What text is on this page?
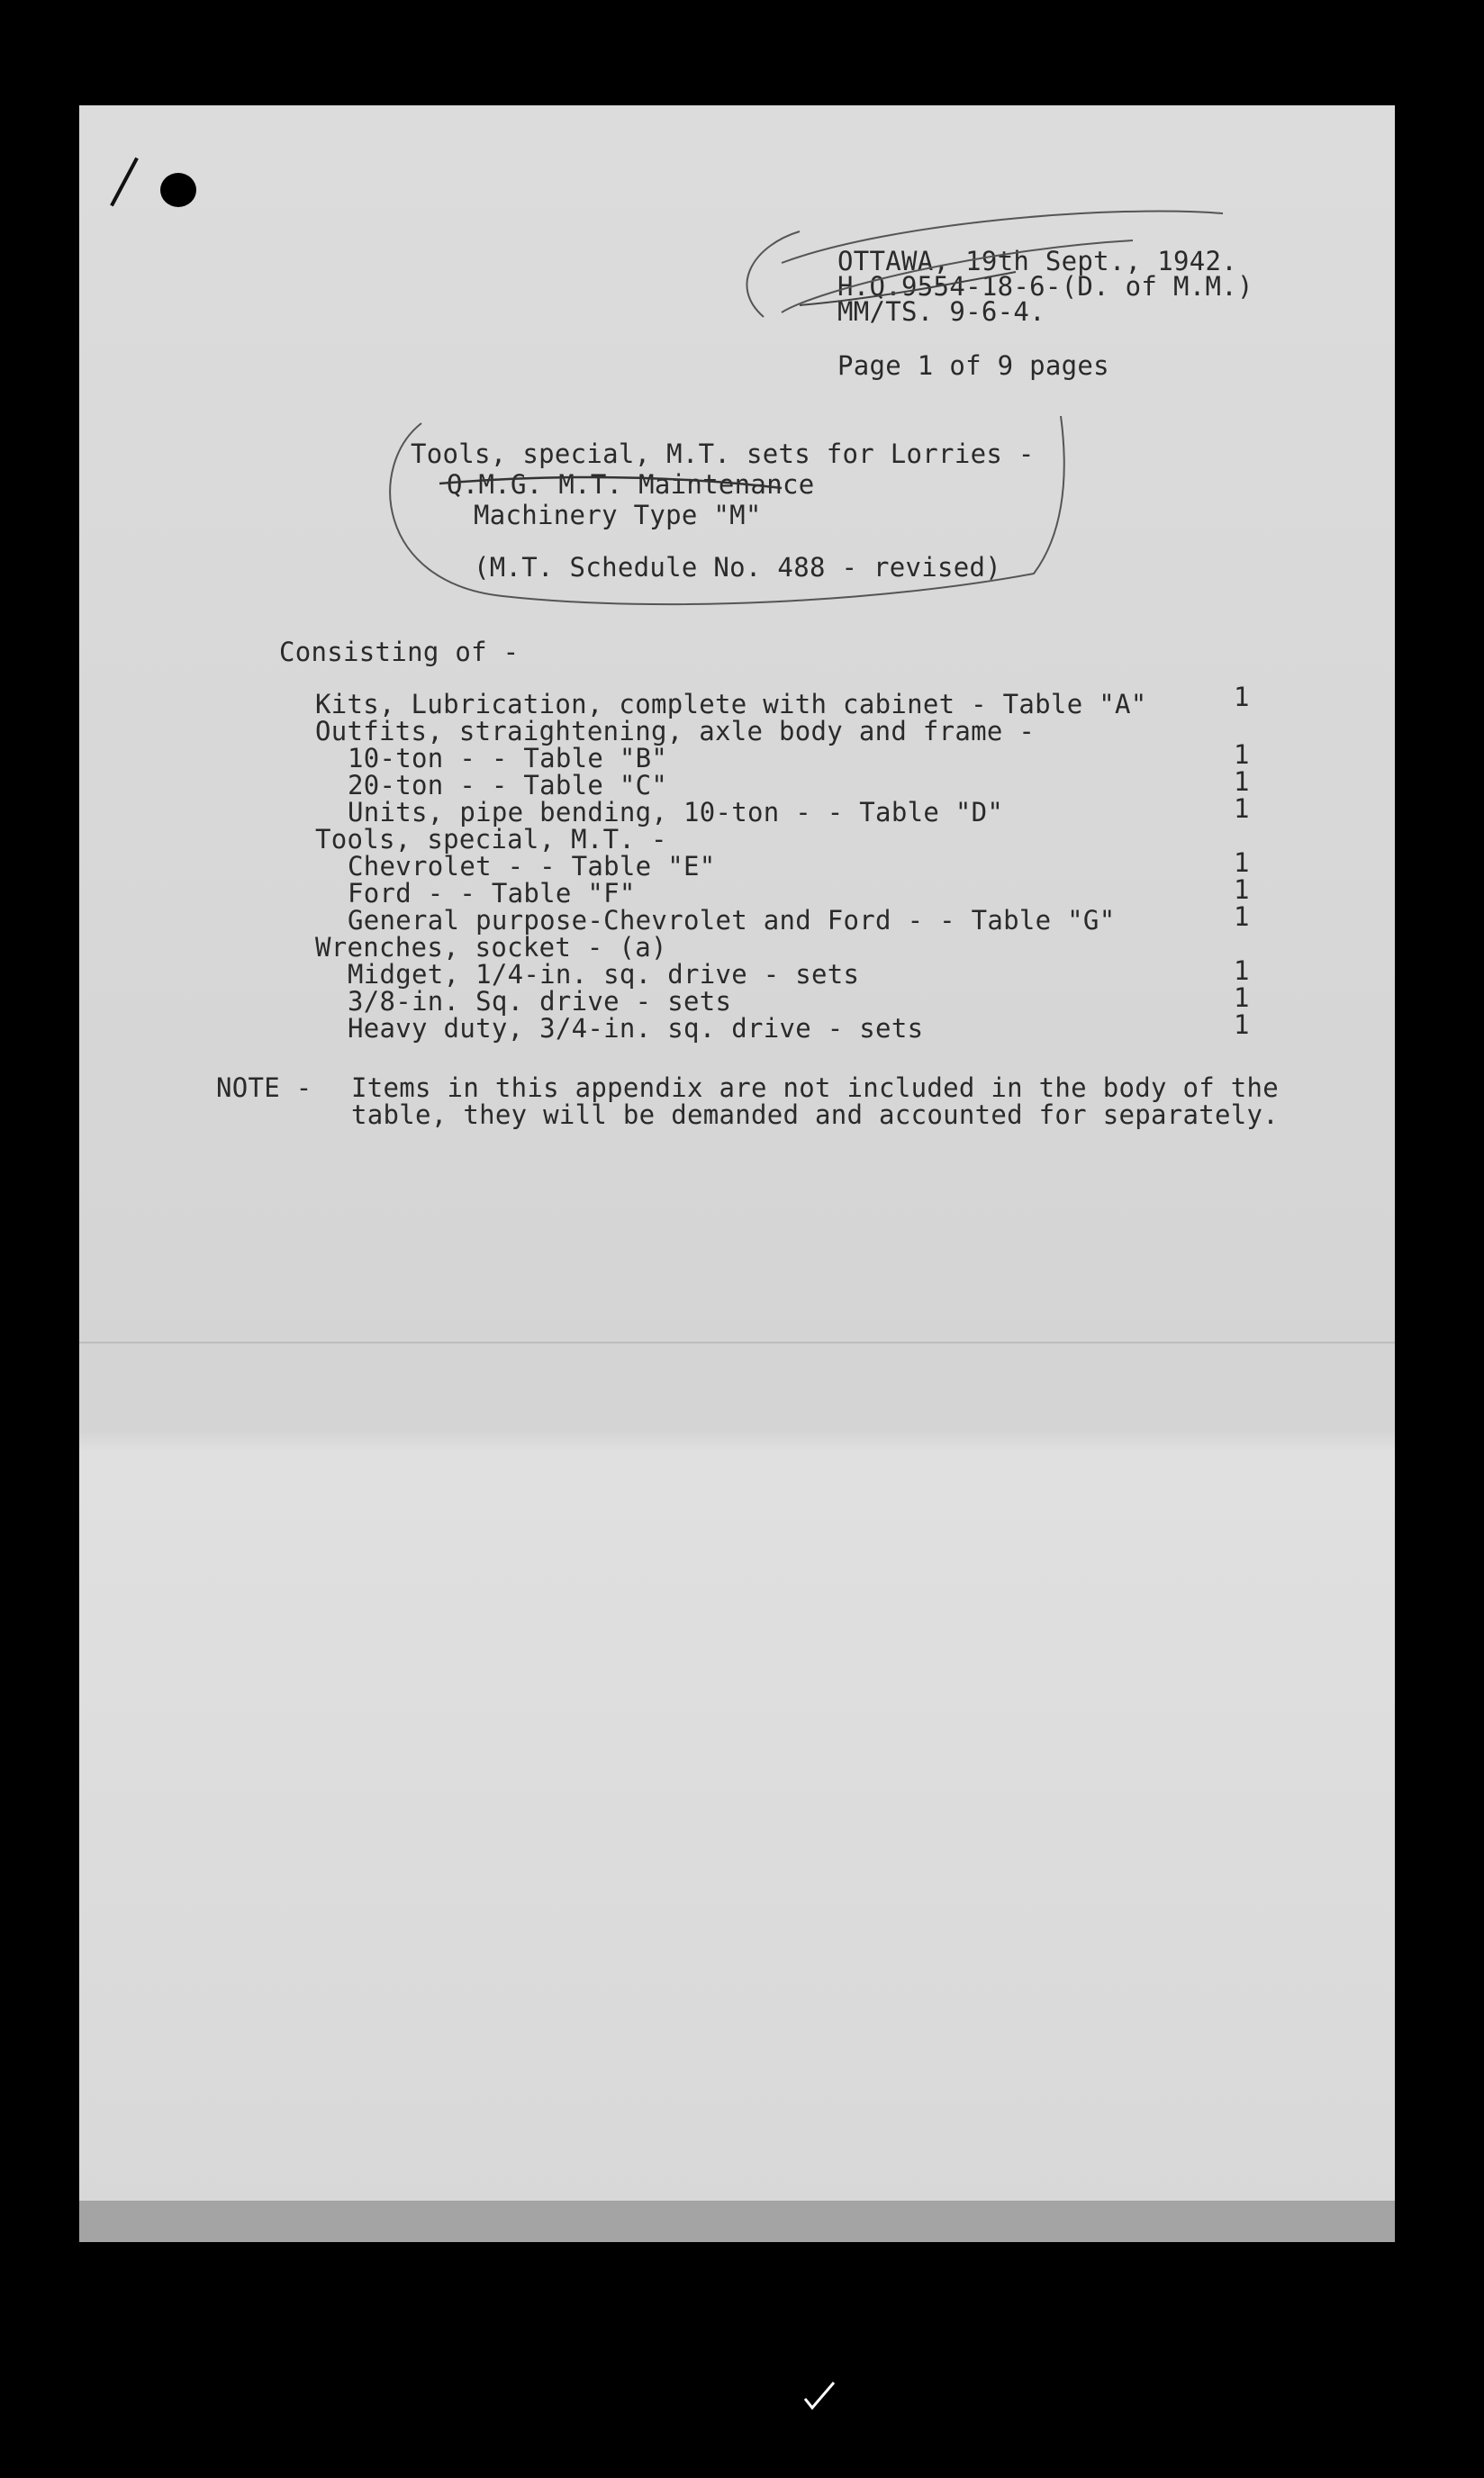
OTTAWA, 19th Sept., 1942.
H.Q.9554-18-6-(D. of M.M.)
MM/TS. 9-6-4.
Page 1 of 9 pages
Tools, special, M.T. sets for Lorries -
Q.M.G. M.T. Maintenance
Machinery Type "M"
(M.T. Schedule No. 488 - revised)
Consisting of -
Kits, Lubrication, complete with cabinet - Table "A"	1
Outfits, straightening, axle body and frame -
10-ton - - Table "B"	1
20-ton - - Table "C"	1
Units, pipe bending, 10-ton - - Table "D"	1
Tools, special, M.T. -
Chevrolet - - Table "E"	1
Ford - - Table "F"	1
General purpose-Chevrolet and Ford - - Table "G"	1
Wrenches, socket - (a)
Midget, 1/4-in. sq. drive - sets	1
3/8-in. Sq. drive - sets	1
Heavy duty, 3/4-in. sq. drive - sets	1
NOTE - Items in this appendix are not included in the body of the
table, they will be demanded and accounted for separately.
